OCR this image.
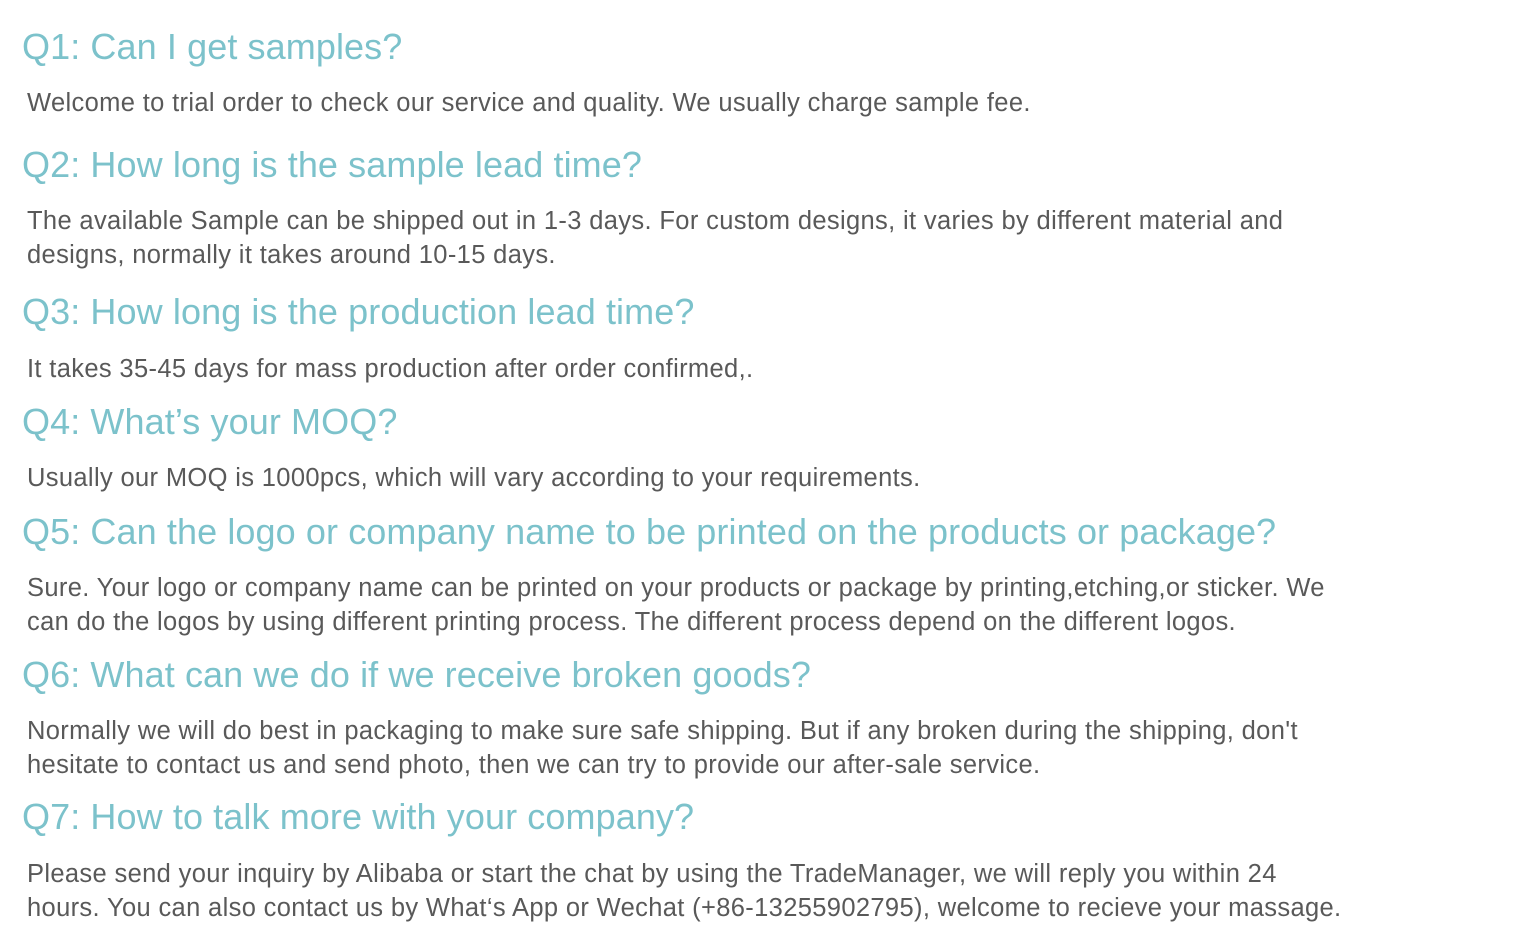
Q1: Can I get samples?

Welcome to trial order to check our service and quality. We usually charge sample fee.

Q2: How long is the sample lead time?

The available Sample can be shipped out in 1-3 days. For custom designs, it varies by different material and
designs, normally it takes around 10-15 days.

Q3: How long is the production lead time?

It takes 35-45 days for mass production after order confirmed,.

Q4: What’s your MOQ?

Usually our MOQ is 1000pcs, which will vary according to your requirements.

Q5: Can the logo or company name to be printed on the products or package?

Sure. Your logo or company name can be printed on your products or package by printing,etching,or sticker. We
can do the logos by using different printing process. The different process depend on the different logos.

Q6: What can we do if we receive broken goods?

Normally we will do best in packaging to make sure safe shipping. But if any broken during the shipping, don't
hesitate to contact us and send photo, then we can try to provide our after-sale service.

Q7: How to talk more with your company?

Please send your inquiry by Alibaba or start the chat by using the TradeManager, we will reply you within 24
hours. You can also contact us by What‘s App or Wechat (+86-13255902795), welcome to recieve your massage.
